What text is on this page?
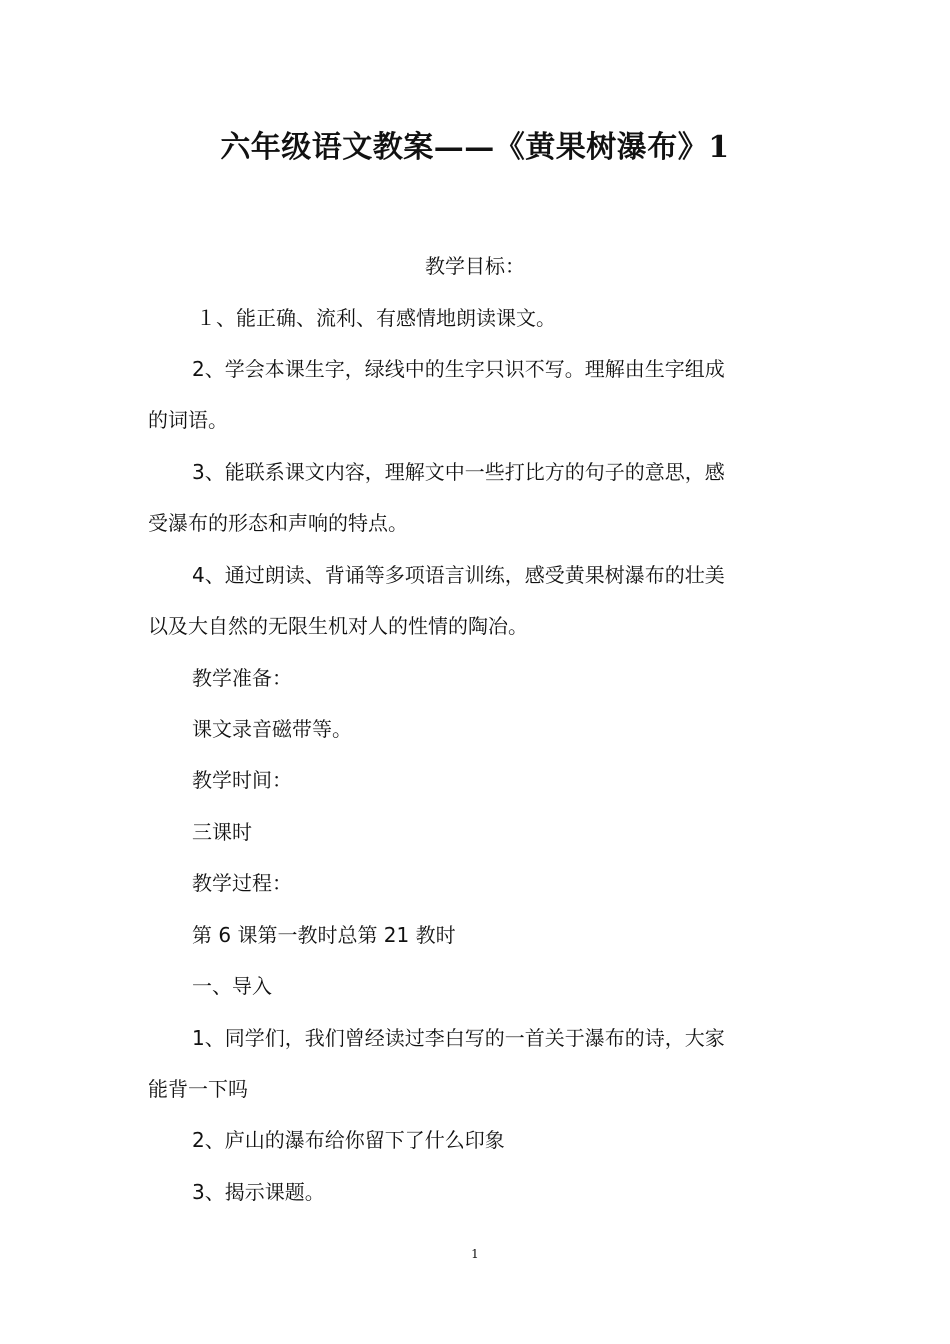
六年级语文教案——《黄果树瀑布》1
教学目标：
１、能正确、流利、有感情地朗读课文。
2、学会本课生字，绿线中的生字只识不写。理解由生字组成
的词语。
3、能联系课文内容，理解文中一些打比方的句子的意思，感
受瀑布的形态和声响的特点。
4、通过朗读、背诵等多项语言训练，感受黄果树瀑布的壮美
以及大自然的无限生机对人的性情的陶冶。
教学准备：
课文录音磁带等。
教学时间：
三课时
教学过程：
第 6 课第一教时总第 21 教时
一、导入
1、同学们，我们曾经读过李白写的一首关于瀑布的诗，大家
能背一下吗
2、庐山的瀑布给你留下了什么印象
3、揭示课题。
1
